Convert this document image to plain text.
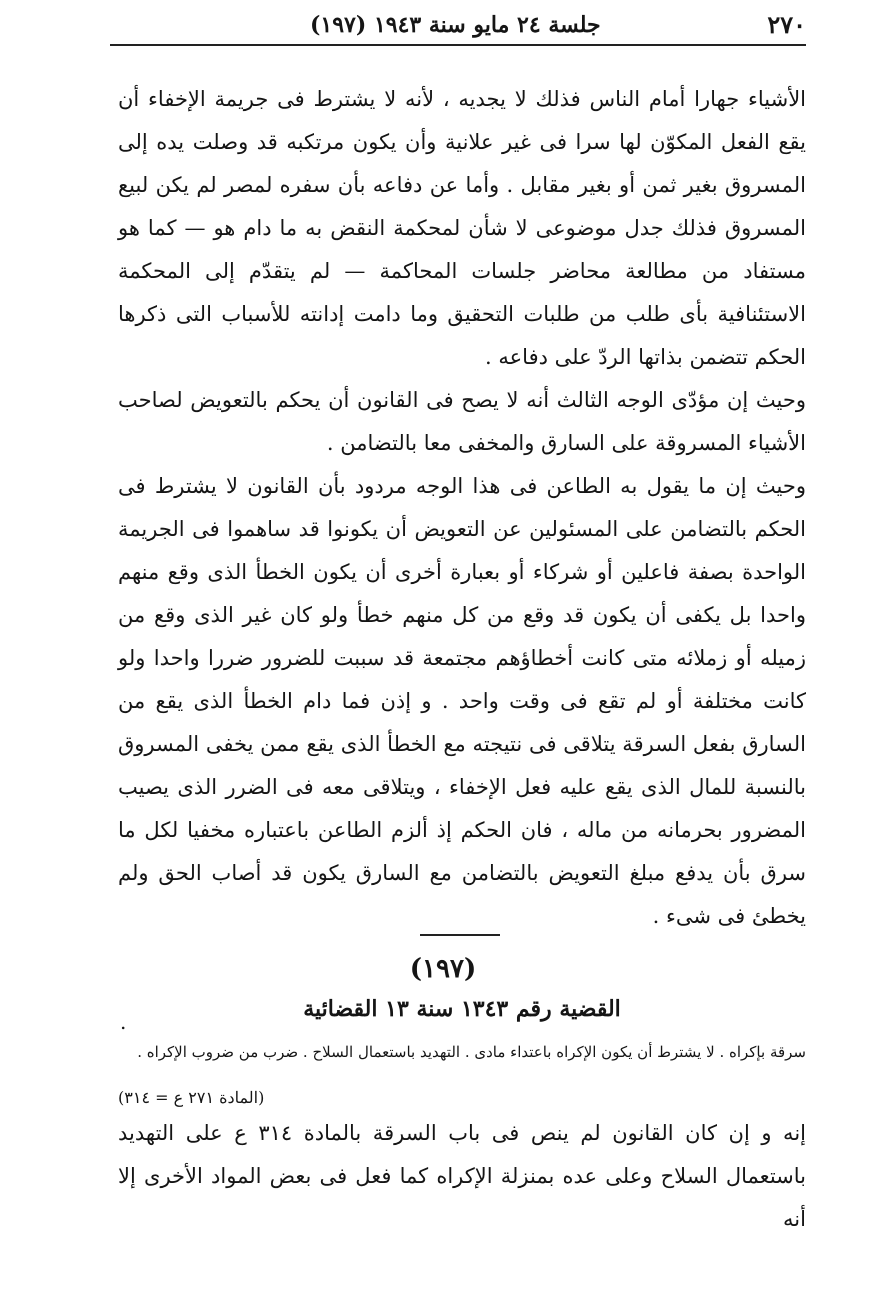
٢٧٠
جلسة ٢٤ مايو سنة ١٩٤٣ (١٩٧)

الأشياء جهارا أمام الناس فذلك لا يجديه ، لأنه لا يشترط فى جريمة الإخفاء أن يقع الفعل المكوّن لها سرا فى غير علانية وأن يكون مرتكبه قد وصلت يده إلى المسروق بغير ثمن أو بغير مقابل . وأما عن دفاعه بأن سفره لمصر لم يكن لبيع المسروق فذلك جدل موضوعى لا شأن لمحكمة النقض به ما دام هو — كما هو مستفاد من مطالعة محاضر جلسات المحاكمة — لم يتقدّم إلى المحكمة الاستئنافية بأى طلب من طلبات التحقيق وما دامت إدانته للأسباب التى ذكرها الحكم تتضمن بذاتها الردّ على دفاعه .

وحيث إن مؤدّى الوجه الثالث أنه لا يصح فى القانون أن يحكم بالتعويض لصاحب الأشياء المسروقة على السارق والمخفى معا بالتضامن .

وحيث إن ما يقول به الطاعن فى هذا الوجه مردود بأن القانون لا يشترط فى الحكم بالتضامن على المسئولين عن التعويض أن يكونوا قد ساهموا فى الجريمة الواحدة بصفة فاعلين أو شركاء أو بعبارة أخرى أن يكون الخطأ الذى وقع منهم واحدا بل يكفى أن يكون قد وقع من كل منهم خطأ ولو كان غير الذى وقع من زميله أو زملائه متى كانت أخطاؤهم مجتمعة قد سببت للضرور ضررا واحدا ولو كانت مختلفة أو لم تقع فى وقت واحد . و إذن فما دام الخطأ الذى يقع من السارق بفعل السرقة يتلاقى فى نتيجته مع الخطأ الذى يقع ممن يخفى المسروق بالنسبة للمال الذى يقع عليه فعل الإخفاء ، ويتلاقى معه فى الضرر الذى يصيب المضرور بحرمانه من ماله ، فان الحكم إذ ألزم الطاعن باعتباره مخفيا لكل ما سرق بأن يدفع مبلغ التعويض بالتضامن مع السارق يكون قد أصاب الحق ولم يخطئ فى شىء .

(١٩٧)
القضية رقم ١٣٤٣ سنة ١٣ القضائية
.
سرقة بإكراه . لا يشترط أن يكون الإكراه باعتداء مادى . التهديد باستعمال السلاح . ضرب من ضروب الإكراه .
(المادة ٢٧١ ع = ٣١٤)

إنه و إن كان القانون لم ينص فى باب السرقة بالمادة ٣١٤ ع على التهديد باستعمال السلاح وعلى عده بمنزلة الإكراه كما فعل فى بعض المواد الأخرى إلا أنه
